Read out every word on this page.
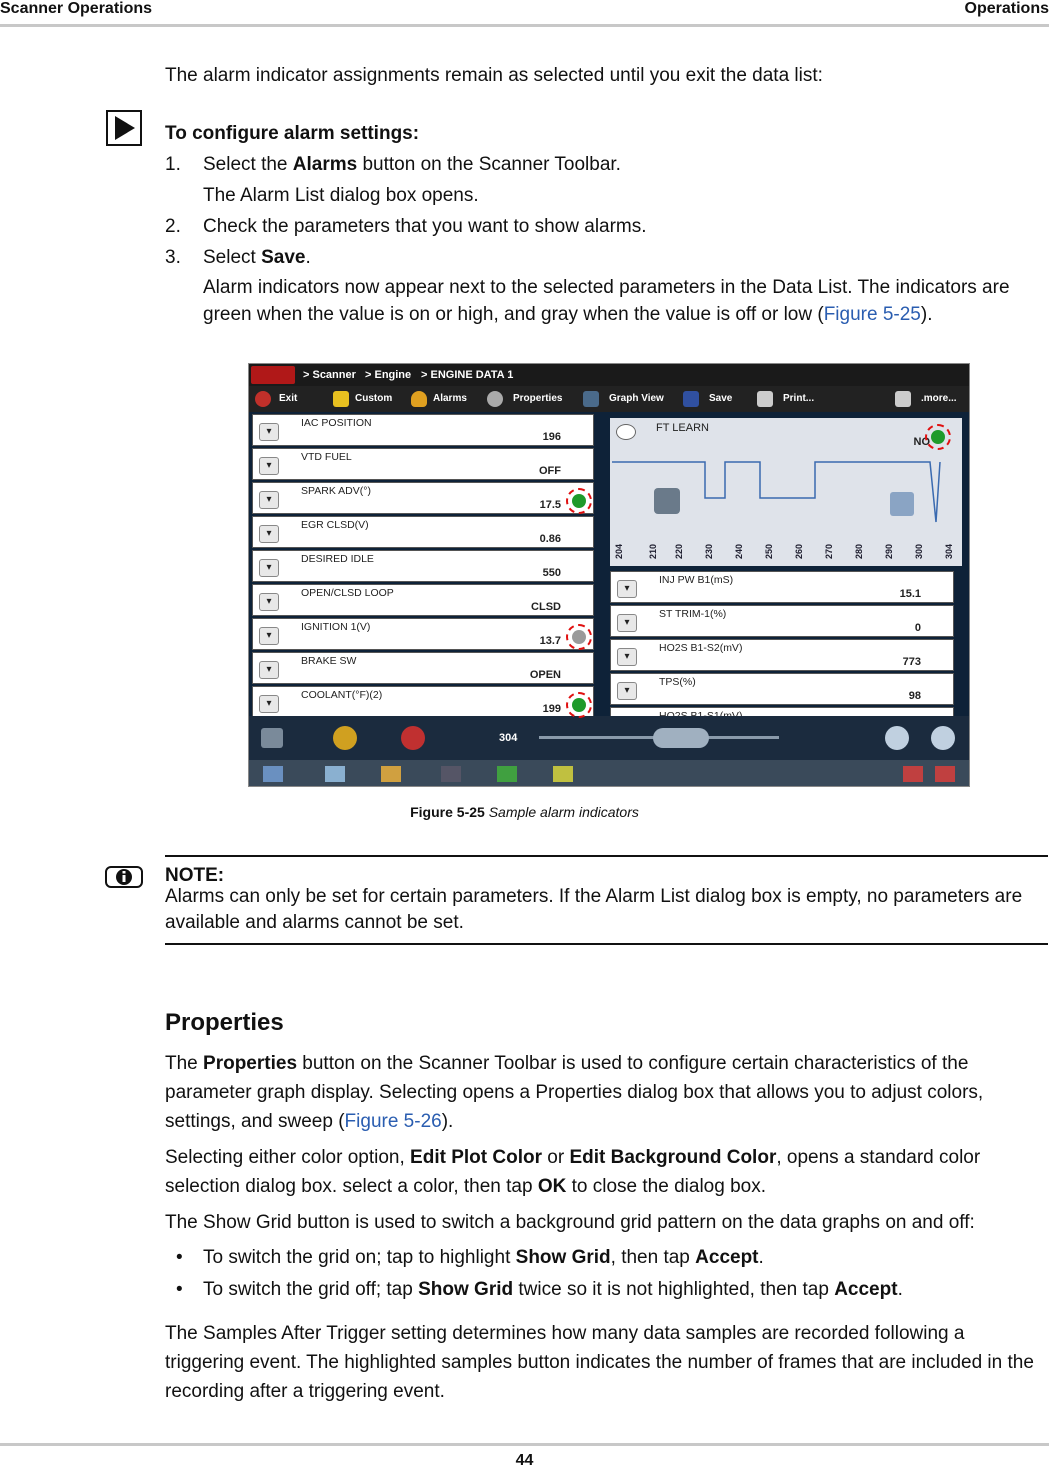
Scanner Operations	Operations
The alarm indicator assignments remain as selected until you exit the data list:
To configure alarm settings:
1. Select the Alarms button on the Scanner Toolbar.
The Alarm List dialog box opens.
2. Check the parameters that you want to show alarms.
3. Select Save.
Alarm indicators now appear next to the selected parameters in the Data List. The indicators are green when the value is on or high, and gray when the value is off or low (Figure 5-25).
> Scanner > Engine > ENGINE DATA 1
Exit	Custom	Alarms	Properties	Graph View	Save	Print...	.more...
▾
IAC POSITION
196
▾
VTD FUEL
OFF
▾
SPARK ADV(°)
17.5
▾
EGR CLSD(V)
0.86
▾
DESIRED IDLE
550
▾
OPEN/CLSD LOOP
CLSD
▾
IGNITION 1(V)
13.7
▾
BRAKE SW
OPEN
▾
COOLANT(°F)(2)
199
FT LEARN
NO
204	210 220 230 240 250 260 270 280 290 300 304
▾
INJ PW B1(mS)
15.1
▾
ST TRIM-1(%)
0
▾
HO2S B1-S2(mV)
773
▾
TPS(%)
98
304
Figure 5-25 Sample alarm indicators
NOTE:
Alarms can only be set for certain parameters. If the Alarm List dialog box is empty, no parameters are available and alarms cannot be set.
Properties
The Properties button on the Scanner Toolbar is used to configure certain characteristics of the parameter graph display. Selecting opens a Properties dialog box that allows you to adjust colors, settings, and sweep (Figure 5-26).
Selecting either color option, Edit Plot Color or Edit Background Color, opens a standard color selection dialog box. select a color, then tap OK to close the dialog box.
The Show Grid button is used to switch a background grid pattern on the data graphs on and off:
• To switch the grid on; tap to highlight Show Grid, then tap Accept.
• To switch the grid off; tap Show Grid twice so it is not highlighted, then tap Accept.
The Samples After Trigger setting determines how many data samples are recorded following a triggering event. The highlighted samples button indicates the number of frames that are included in the recording after a triggering event.
44
